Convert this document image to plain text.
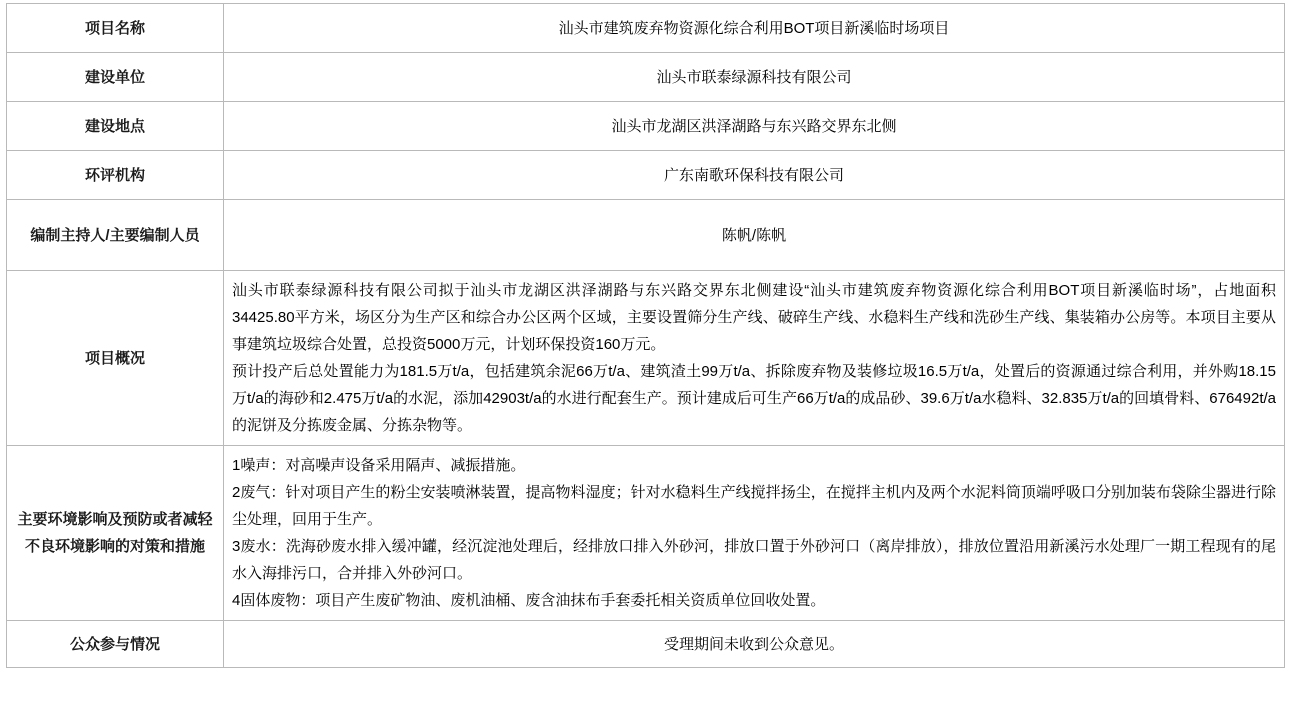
项目名称	汕头市建筑废弃物资源化综合利用BOT项目新溪临时场项目
建设单位	汕头市联泰绿源科技有限公司
建设地点	汕头市龙湖区洪泽湖路与东兴路交界东北侧
环评机构	广东南歌环保科技有限公司
编制主持人/主要编制人员	陈帆/陈帆
项目概况	汕头市联泰绿源科技有限公司拟于汕头市龙湖区洪泽湖路与东兴路交界东北侧建设“汕头市建筑废弃物资源化综合利用BOT项目新溪临时场”，占地面积34425.80平方米，场区分为生产区和综合办公区两个区域，主要设置筛分生产线、破碎生产线、水稳料生产线和洗砂生产线、集装箱办公房等。本项目主要从事建筑垃圾综合处置，总投资5000万元，计划环保投资160万元。

预计投产后总处置能力为181.5万t/a，包括建筑余泥66万t/a、建筑渣土99万t/a、拆除废弃物及装修垃圾16.5万t/a，处置后的资源通过综合利用，并外购18.15万t/a的海砂和2.475万t/a的水泥，添加42903t/a的水进行配套生产。预计建成后可生产66万t/a的成品砂、39.6万t/a水稳料、32.835万t/a的回填骨料、676492t/a的泥饼及分拣废金属、分拣杂物等。

主要环境影响及预防或者减轻不良环境影响的对策和措施	1噪声：对高噪声设备采用隔声、减振措施。

2废气：针对项目产生的粉尘安装喷淋装置，提高物料湿度；针对水稳料生产线搅拌扬尘，在搅拌主机内及两个水泥料筒顶端呼吸口分别加装布袋除尘器进行除尘处理，回用于生产。

3废水：洗海砂废水排入缓冲罐，经沉淀池处理后，经排放口排入外砂河，排放口置于外砂河口（离岸排放），排放位置沿用新溪污水处理厂一期工程现有的尾水入海排污口，合并排入外砂河口。

4固体废物：项目产生废矿物油、废机油桶、废含油抹布手套委托相关资质单位回收处置。

公众参与情况	受理期间未收到公众意见。
